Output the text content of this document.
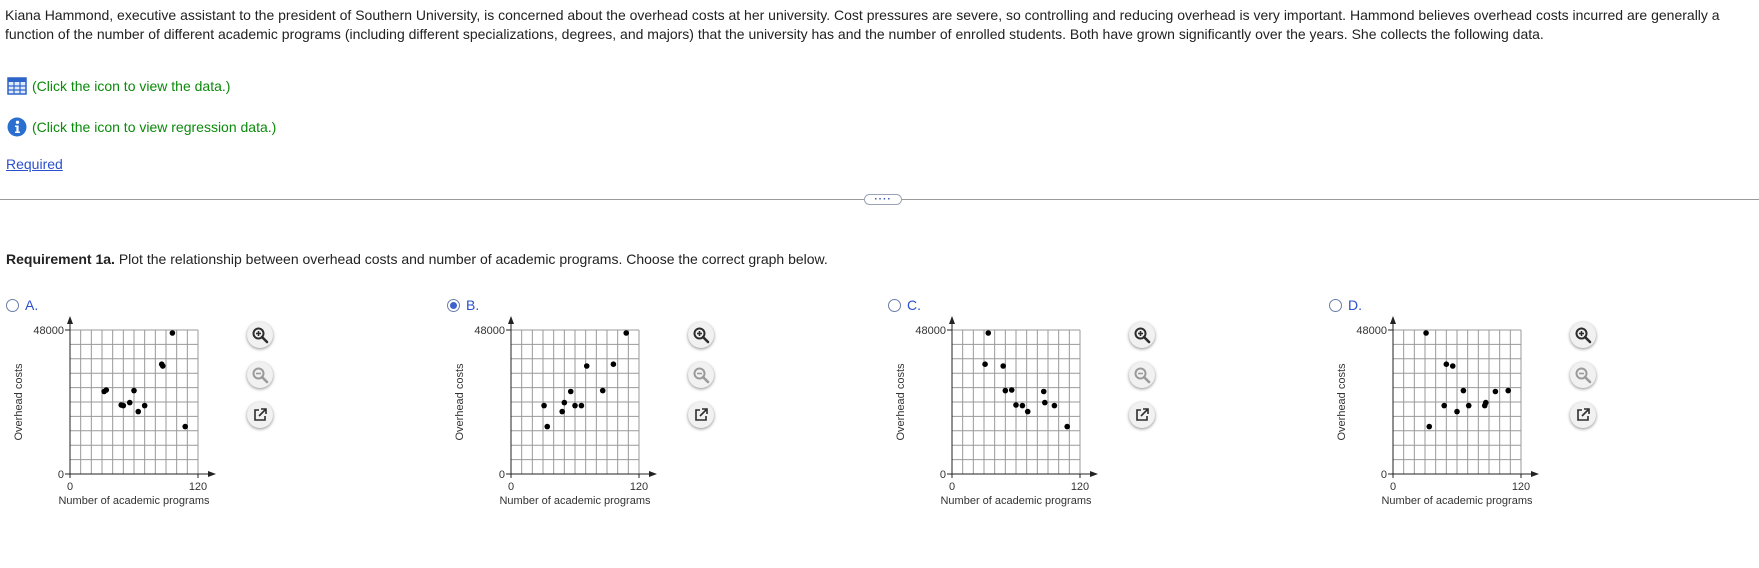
Kiana Hammond, executive assistant to the president of Southern University, is concerned about the overhead costs at her university. Cost pressures are severe, so controlling and reducing overhead is very important. Hammond believes overhead costs incurred are generally a function of the number of different academic programs (including different specializations, degrees, and majors) that the university has and the number of enrolled students. Both have grown significantly over the years. She collects the following data.
(Click the icon to view the data.)
(Click the icon to view regression data.)
Required
····
Requirement 1a. Plot the relationship between overhead costs and number of academic programs. Choose the correct graph below.
A.
48000
0
0	120
Number of academic programs
Overhead costs
B.
48000
0
0	120
Number of academic programs
Overhead costs
C.
48000
0
0	120
Number of academic programs
Overhead costs
D.
48000
0
0	120
Number of academic programs
Overhead costs
